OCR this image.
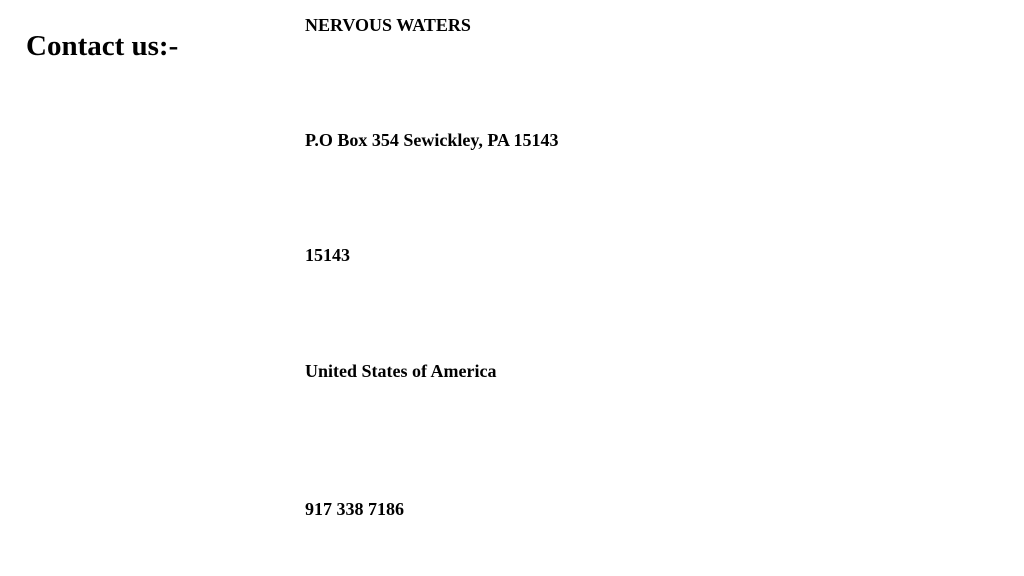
Contact us:-

NERVOUS WATERS

P.O Box 354 Sewickley, PA 15143

15143

United States of America

917 338 7186
